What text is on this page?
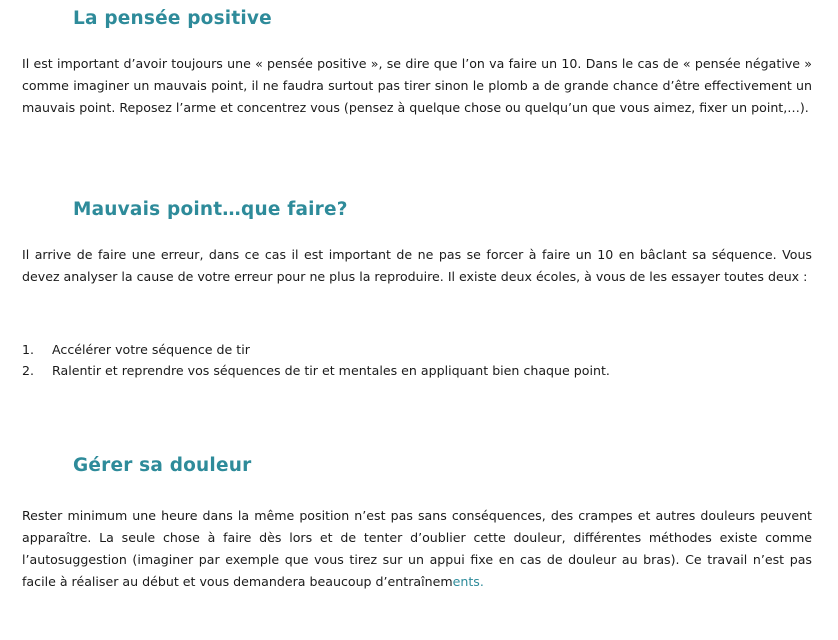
La pensée positive

Il est important d’avoir toujours une « pensée positive », se dire que l’on va faire un 10. Dans le cas de « pensée négative » comme imaginer un mauvais point, il ne faudra surtout pas tirer sinon le plomb a de grande chance d’être effectivement un mauvais point. Reposez l’arme et concentrez vous (pensez à quelque chose ou quelqu’un que vous aimez, fixer un point,…).

Mauvais point…que faire?

Il arrive de faire une erreur, dans ce cas il est important de ne pas se forcer à faire un 10 en bâclant sa séquence. Vous devez analyser la cause de votre erreur pour ne plus la reproduire. Il existe deux écoles, à vous de les essayer toutes deux :

1. Accélérer votre séquence de tir
2. Ralentir et reprendre vos séquences de tir et mentales en appliquant bien chaque point.
Gérer sa douleur

Rester minimum une heure dans la même position n’est pas sans conséquences, des crampes et autres douleurs peuvent apparaître. La seule chose à faire dès lors et de tenter d’oublier cette douleur, différentes méthodes existe comme l’autosuggestion (imaginer par exemple que vous tirez sur un appui fixe en cas de douleur au bras). Ce travail n’est pas facile à réaliser au début et vous demandera beaucoup d’entraînements.
